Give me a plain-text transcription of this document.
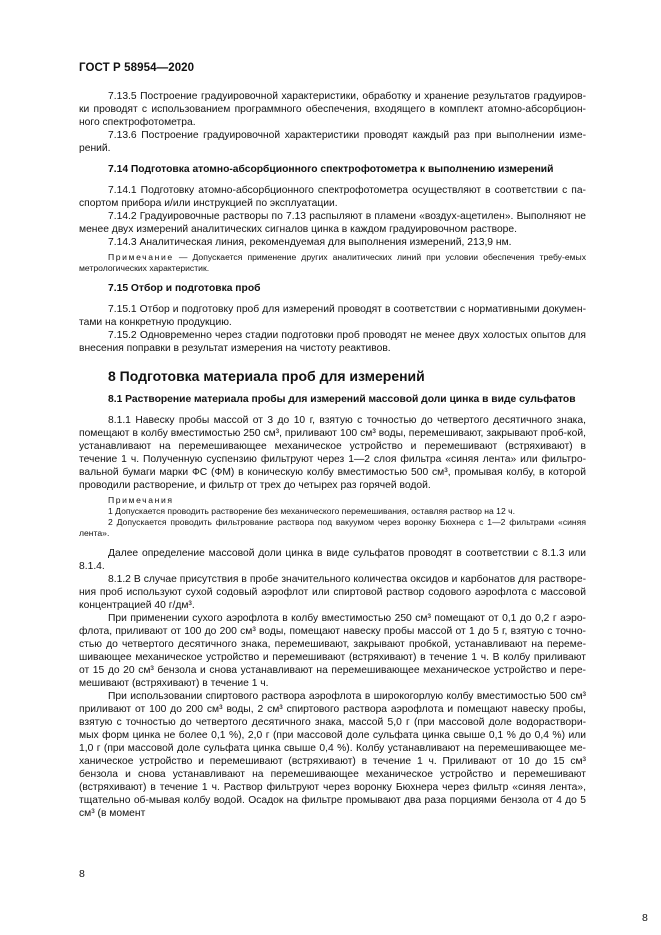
ГОСТ Р 58954—2020

7.13.5 Построение градуировочной характеристики, обработку и хранение результатов градуиров-ки проводят с использованием программного обеспечения, входящего в комплект атомно-абсорбцион-ного спектрофотометра.

7.13.6 Построение градуировочной характеристики проводят каждый раз при выполнении изме-рений.

7.14 Подготовка атомно-абсорбционного спектрофотометра к выполнению измерений

7.14.1 Подготовку атомно-абсорбционного спектрофотометра осуществляют в соответствии с па-спортом прибора и/или инструкцией по эксплуатации.

7.14.2 Градуировочные растворы по 7.13 распыляют в пламени «воздух-ацетилен». Выполняют не менее двух измерений аналитических сигналов цинка в каждом градуировочном растворе.

7.14.3 Аналитическая линия, рекомендуемая для выполнения измерений, 213,9 нм.

Примечание — Допускается применение других аналитических линий при условии обеспечения требу-емых метрологических характеристик.

7.15 Отбор и подготовка проб

7.15.1 Отбор и подготовку проб для измерений проводят в соответствии с нормативными докумен-тами на конкретную продукцию.

7.15.2 Одновременно через стадии подготовки проб проводят не менее двух холостых опытов для внесения поправки в результат измерения на чистоту реактивов.

8 Подготовка материала проб для измерений

8.1 Растворение материала пробы для измерений массовой доли цинка в виде сульфатов

8.1.1 Навеску пробы массой от 3 до 10 г, взятую с точностью до четвертого десятичного знака, помещают в колбу вместимостью 250 см³, приливают 100 см³ воды, перемешивают, закрывают проб-кой, устанавливают на перемешивающее механическое устройство и перемешивают (встряхивают) в течение 1 ч. Полученную суспензию фильтруют через 1—2 слоя фильтра «синяя лента» или фильтро-вальной бумаги марки ФС (ФМ) в коническую колбу вместимостью 500 см³, промывая колбу, в которой проводили растворение, и фильтр от трех до четырех раз горячей водой.

Примечания

1 Допускается проводить растворение без механического перемешивания, оставляя раствор на 12 ч.

2 Допускается проводить фильтрование раствора под вакуумом через воронку Бюхнера с 1—2 фильтрами «синяя лента».

Далее определение массовой доли цинка в виде сульфатов проводят в соответствии с 8.1.3 или 8.1.4.

8.1.2 В случае присутствия в пробе значительного количества оксидов и карбонатов для растворе-ния проб используют сухой содовый аэрофлот или спиртовой раствор содового аэрофлота с массовой концентрацией 40 г/дм³.

При применении сухого аэрофлота в колбу вместимостью 250 см³ помещают от 0,1 до 0,2 г аэро-флота, приливают от 100 до 200 см³ воды, помещают навеску пробы массой от 1 до 5 г, взятую с точно-стью до четвертого десятичного знака, перемешивают, закрывают пробкой, устанавливают на переме-шивающее механическое устройство и перемешивают (встряхивают) в течение 1 ч. В колбу приливают от 15 до 20 см³ бензола и снова устанавливают на перемешивающее механическое устройство и пере-мешивают (встряхивают) в течение 1 ч.

При использовании спиртового раствора аэрофлота в широкогорлую колбу вместимостью 500 см³ приливают от 100 до 200 см³ воды, 2 см³ спиртового раствора аэрофлота и помещают навеску пробы, взятую с точностью до четвертого десятичного знака, массой 5,0 г (при массовой доле водораствори-мых форм цинка не более 0,1 %), 2,0 г (при массовой доле сульфата цинка свыше 0,1 % до 0,4 %) или 1,0 г (при массовой доле сульфата цинка свыше 0,4 %). Колбу устанавливают на перемешивающее ме-ханическое устройство и перемешивают (встряхивают) в течение 1 ч. Приливают от 10 до 15 см³ бензола и снова устанавливают на перемешивающее механическое устройство и перемешивают (встряхивают) в течение 1 ч. Раствор фильтруют через воронку Бюхнера через фильтр «синяя лента», тщательно об-мывая колбу водой. Осадок на фильтре промывают два раза порциями бензола от 4 до 5 см³ (в момент

8
8
